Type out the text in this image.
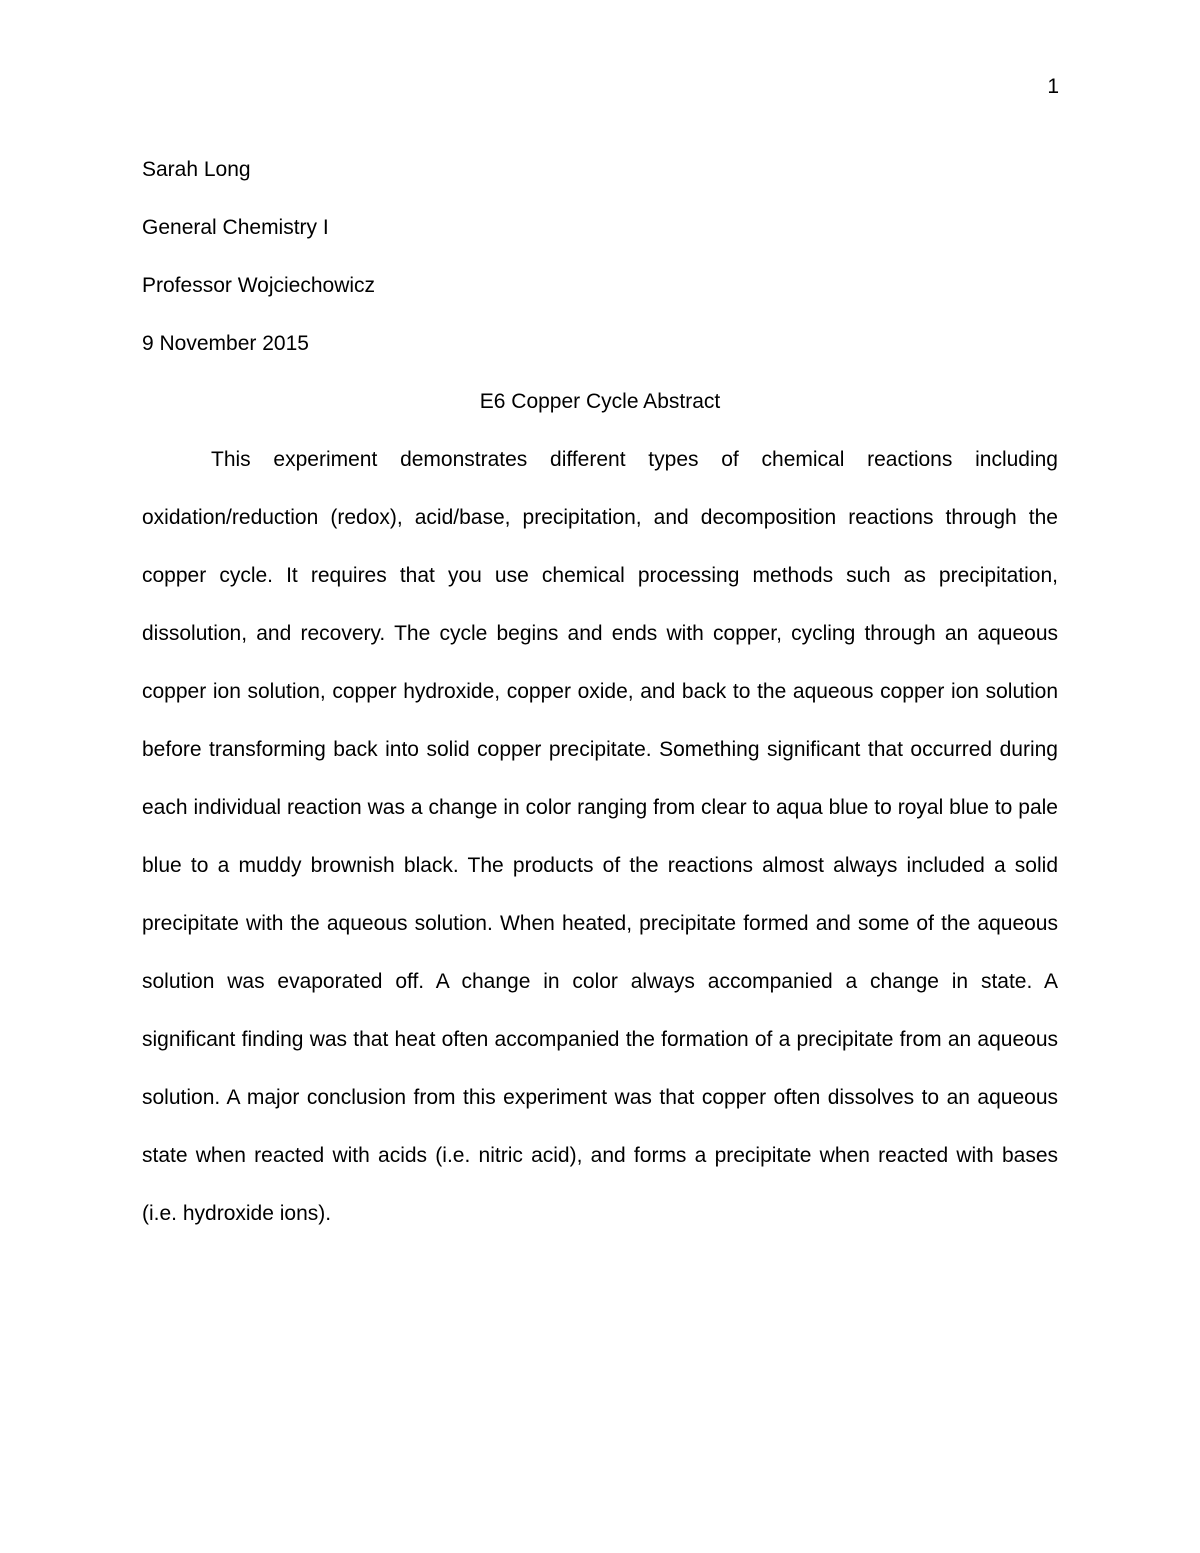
1

Sarah Long

General Chemistry I

Professor Wojciechowicz

9 November 2015

E6 Copper Cycle Abstract

This experiment demonstrates different types of chemical reactions including oxidation/reduction (redox), acid/base, precipitation, and decomposition reactions through the copper cycle. It requires that you use chemical processing methods such as precipitation, dissolution, and recovery. The cycle begins and ends with copper, cycling through an aqueous copper ion solution, copper hydroxide, copper oxide, and back to the aqueous copper ion solution before transforming back into solid copper precipitate. Something significant that occurred during each individual reaction was a change in color ranging from clear to aqua blue to royal blue to pale blue to a muddy brownish black. The products of the reactions almost always included a solid precipitate with the aqueous solution. When heated, precipitate formed and some of the aqueous solution was evaporated off. A change in color always accompanied a change in state. A significant finding was that heat often accompanied the formation of a precipitate from an aqueous solution. A major conclusion from this experiment was that copper often dissolves to an aqueous state when reacted with acids (i.e. nitric acid), and forms a precipitate when reacted with bases (i.e. hydroxide ions).
